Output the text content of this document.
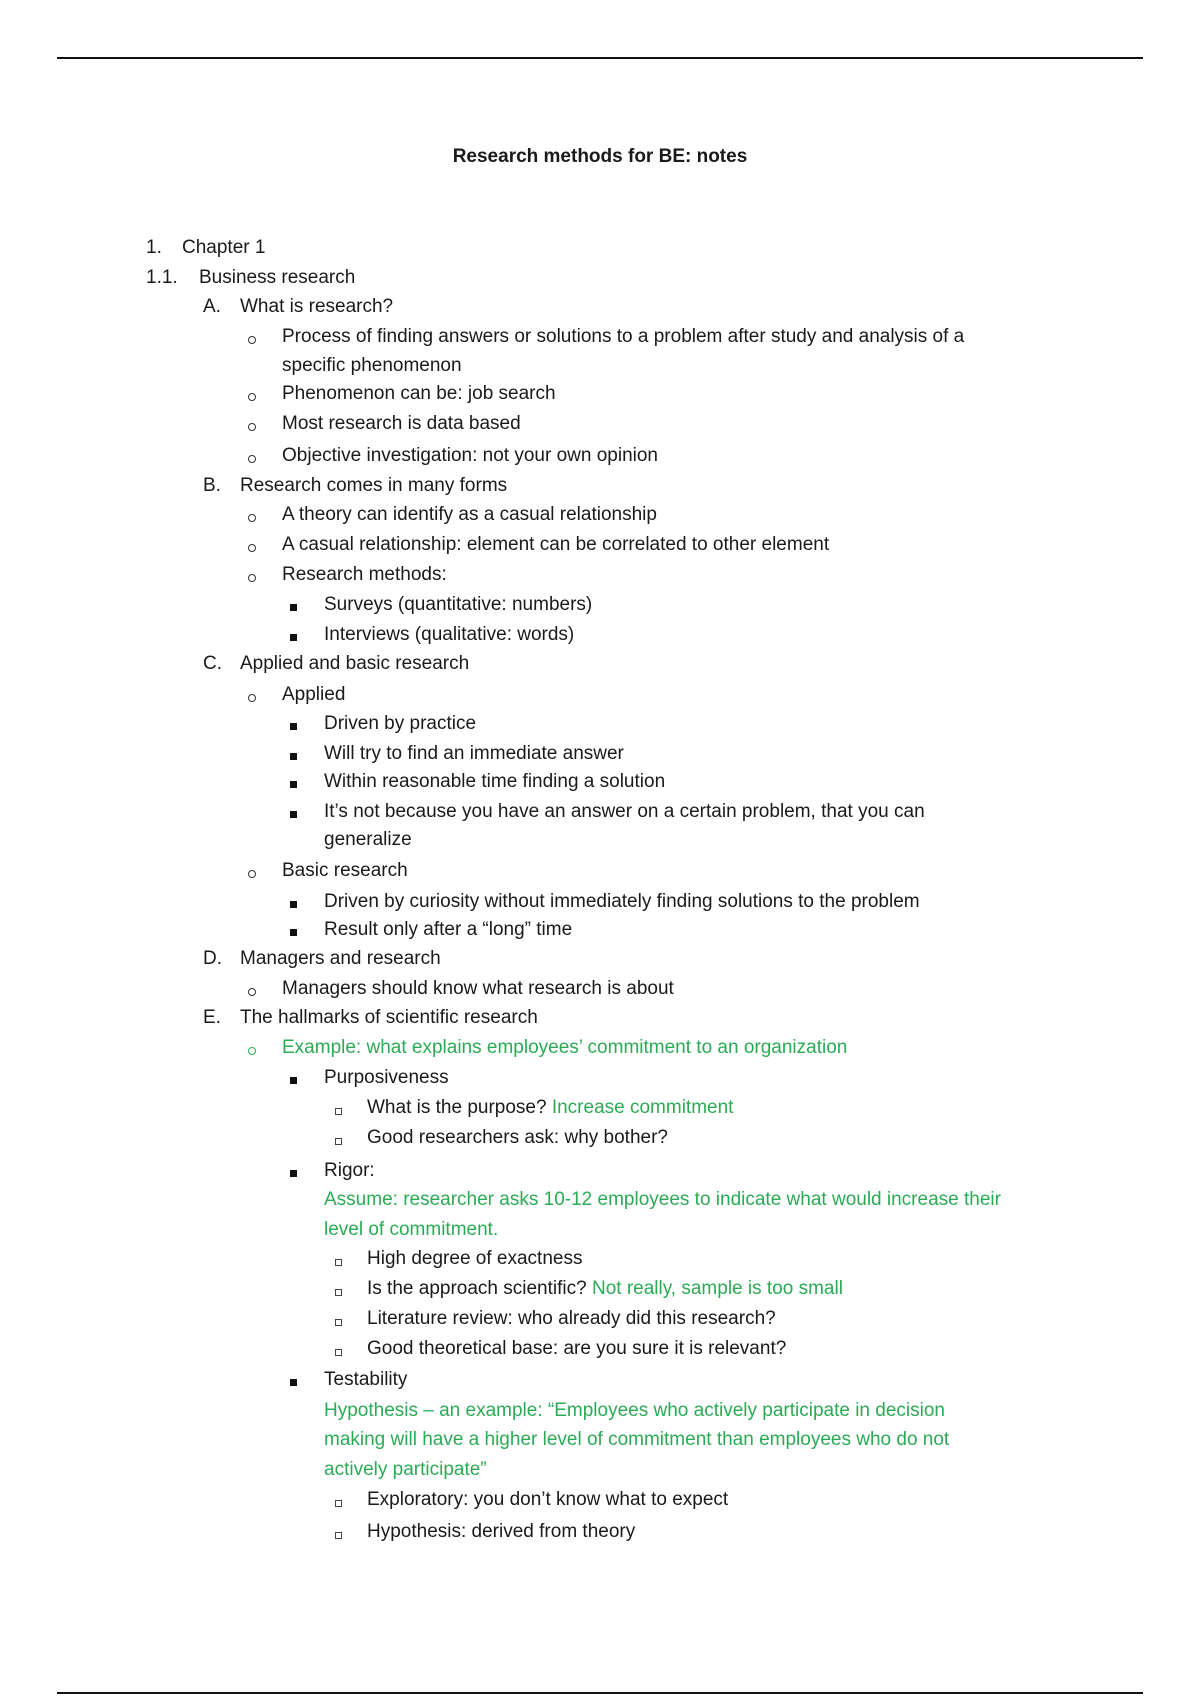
Research methods for BE: notes
1. Chapter 1
1.1. Business research
A. What is research?
Process of finding answers or solutions to a problem after study and analysis of a
specific phenomenon
Phenomenon can be: job search
Most research is data based
Objective investigation: not your own opinion
B. Research comes in many forms
A theory can identify as a casual relationship
A casual relationship: element can be correlated to other element
Research methods:
Surveys (quantitative: numbers)
Interviews (qualitative: words)
C. Applied and basic research
Applied
Driven by practice
Will try to find an immediate answer
Within reasonable time finding a solution
It’s not because you have an answer on a certain problem, that you can
generalize
Basic research
Driven by curiosity without immediately finding solutions to the problem
Result only after a “long” time
D. Managers and research
Managers should know what research is about
E. The hallmarks of scientific research
Example: what explains employees’ commitment to an organization
Purposiveness
What is the purpose? Increase commitment
Good researchers ask: why bother?
Rigor:
Assume: researcher asks 10-12 employees to indicate what would increase their
level of commitment.
High degree of exactness
Is the approach scientific? Not really, sample is too small
Literature review: who already did this research?
Good theoretical base: are you sure it is relevant?
Testability
Hypothesis – an example: “Employees who actively participate in decision
making will have a higher level of commitment than employees who do not
actively participate”
Exploratory: you don’t know what to expect
Hypothesis: derived from theory
